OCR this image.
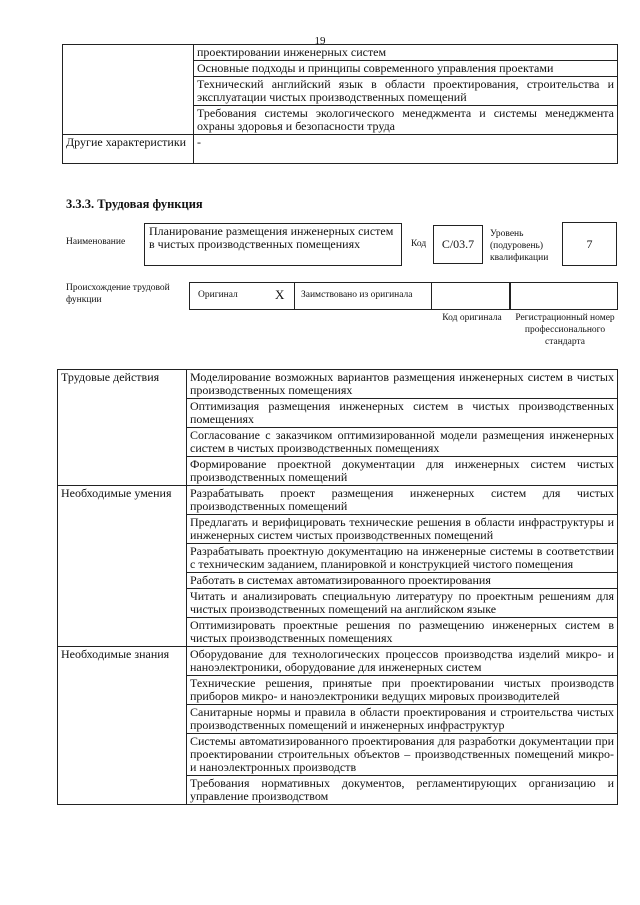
19
	проектировании инженерных систем
	Основные подходы и принципы современного управления проектами
	Технический английский язык в области проектирования, строительства и эксплуатации чистых производственных помещений
	Требования системы экологического менеджмента и системы менеджмента охраны здоровья и безопасности труда
Другие характеристики	-
3.3.3. Трудовая функция
Наименование
Планирование размещения инженерных систем в чистых производственных помещениях	Код	C/03.7
Уровень (подуровень) квалификации
7
Происхождение трудовой функции	Оригинал	X Заимствовано из оригинала
Код оригинала Регистрационный номер профессионального стандарта
Трудовые действия	Моделирование возможных вариантов размещения инженерных систем в чистых производственных помещениях
	Оптимизация размещения инженерных систем в чистых производственных помещениях
	Согласование с заказчиком оптимизированной модели размещения инженерных систем в чистых производственных помещениях
	Формирование проектной документации для инженерных систем чистых производственных помещений
Необходимые умения	Разрабатывать проект размещения инженерных систем для чистых производственных помещений
	Предлагать и верифицировать технические решения в области инфраструктуры и инженерных систем чистых производственных помещений
	Разрабатывать проектную документацию на инженерные системы в соответствии с техническим заданием, планировкой и конструкцией чистого помещения
	Работать в системах автоматизированного проектирования
	Читать и анализировать специальную литературу по проектным решениям для чистых производственных помещений на английском языке
	Оптимизировать проектные решения по размещению инженерных систем в чистых производственных помещениях
Необходимые знания	Оборудование для технологических процессов производства изделий микро- и наноэлектроники, оборудование для инженерных систем
	Технические решения, принятые при проектировании чистых производств приборов микро- и наноэлектроники ведущих мировых производителей
	Санитарные нормы и правила в области проектирования и строительства чистых производственных помещений и инженерных инфраструктур
	Системы автоматизированного проектирования для разработки документации при проектировании строительных объектов – производственных помещений микро- и наноэлектронных производств
	Требования нормативных документов, регламентирующих организацию и управление производством
